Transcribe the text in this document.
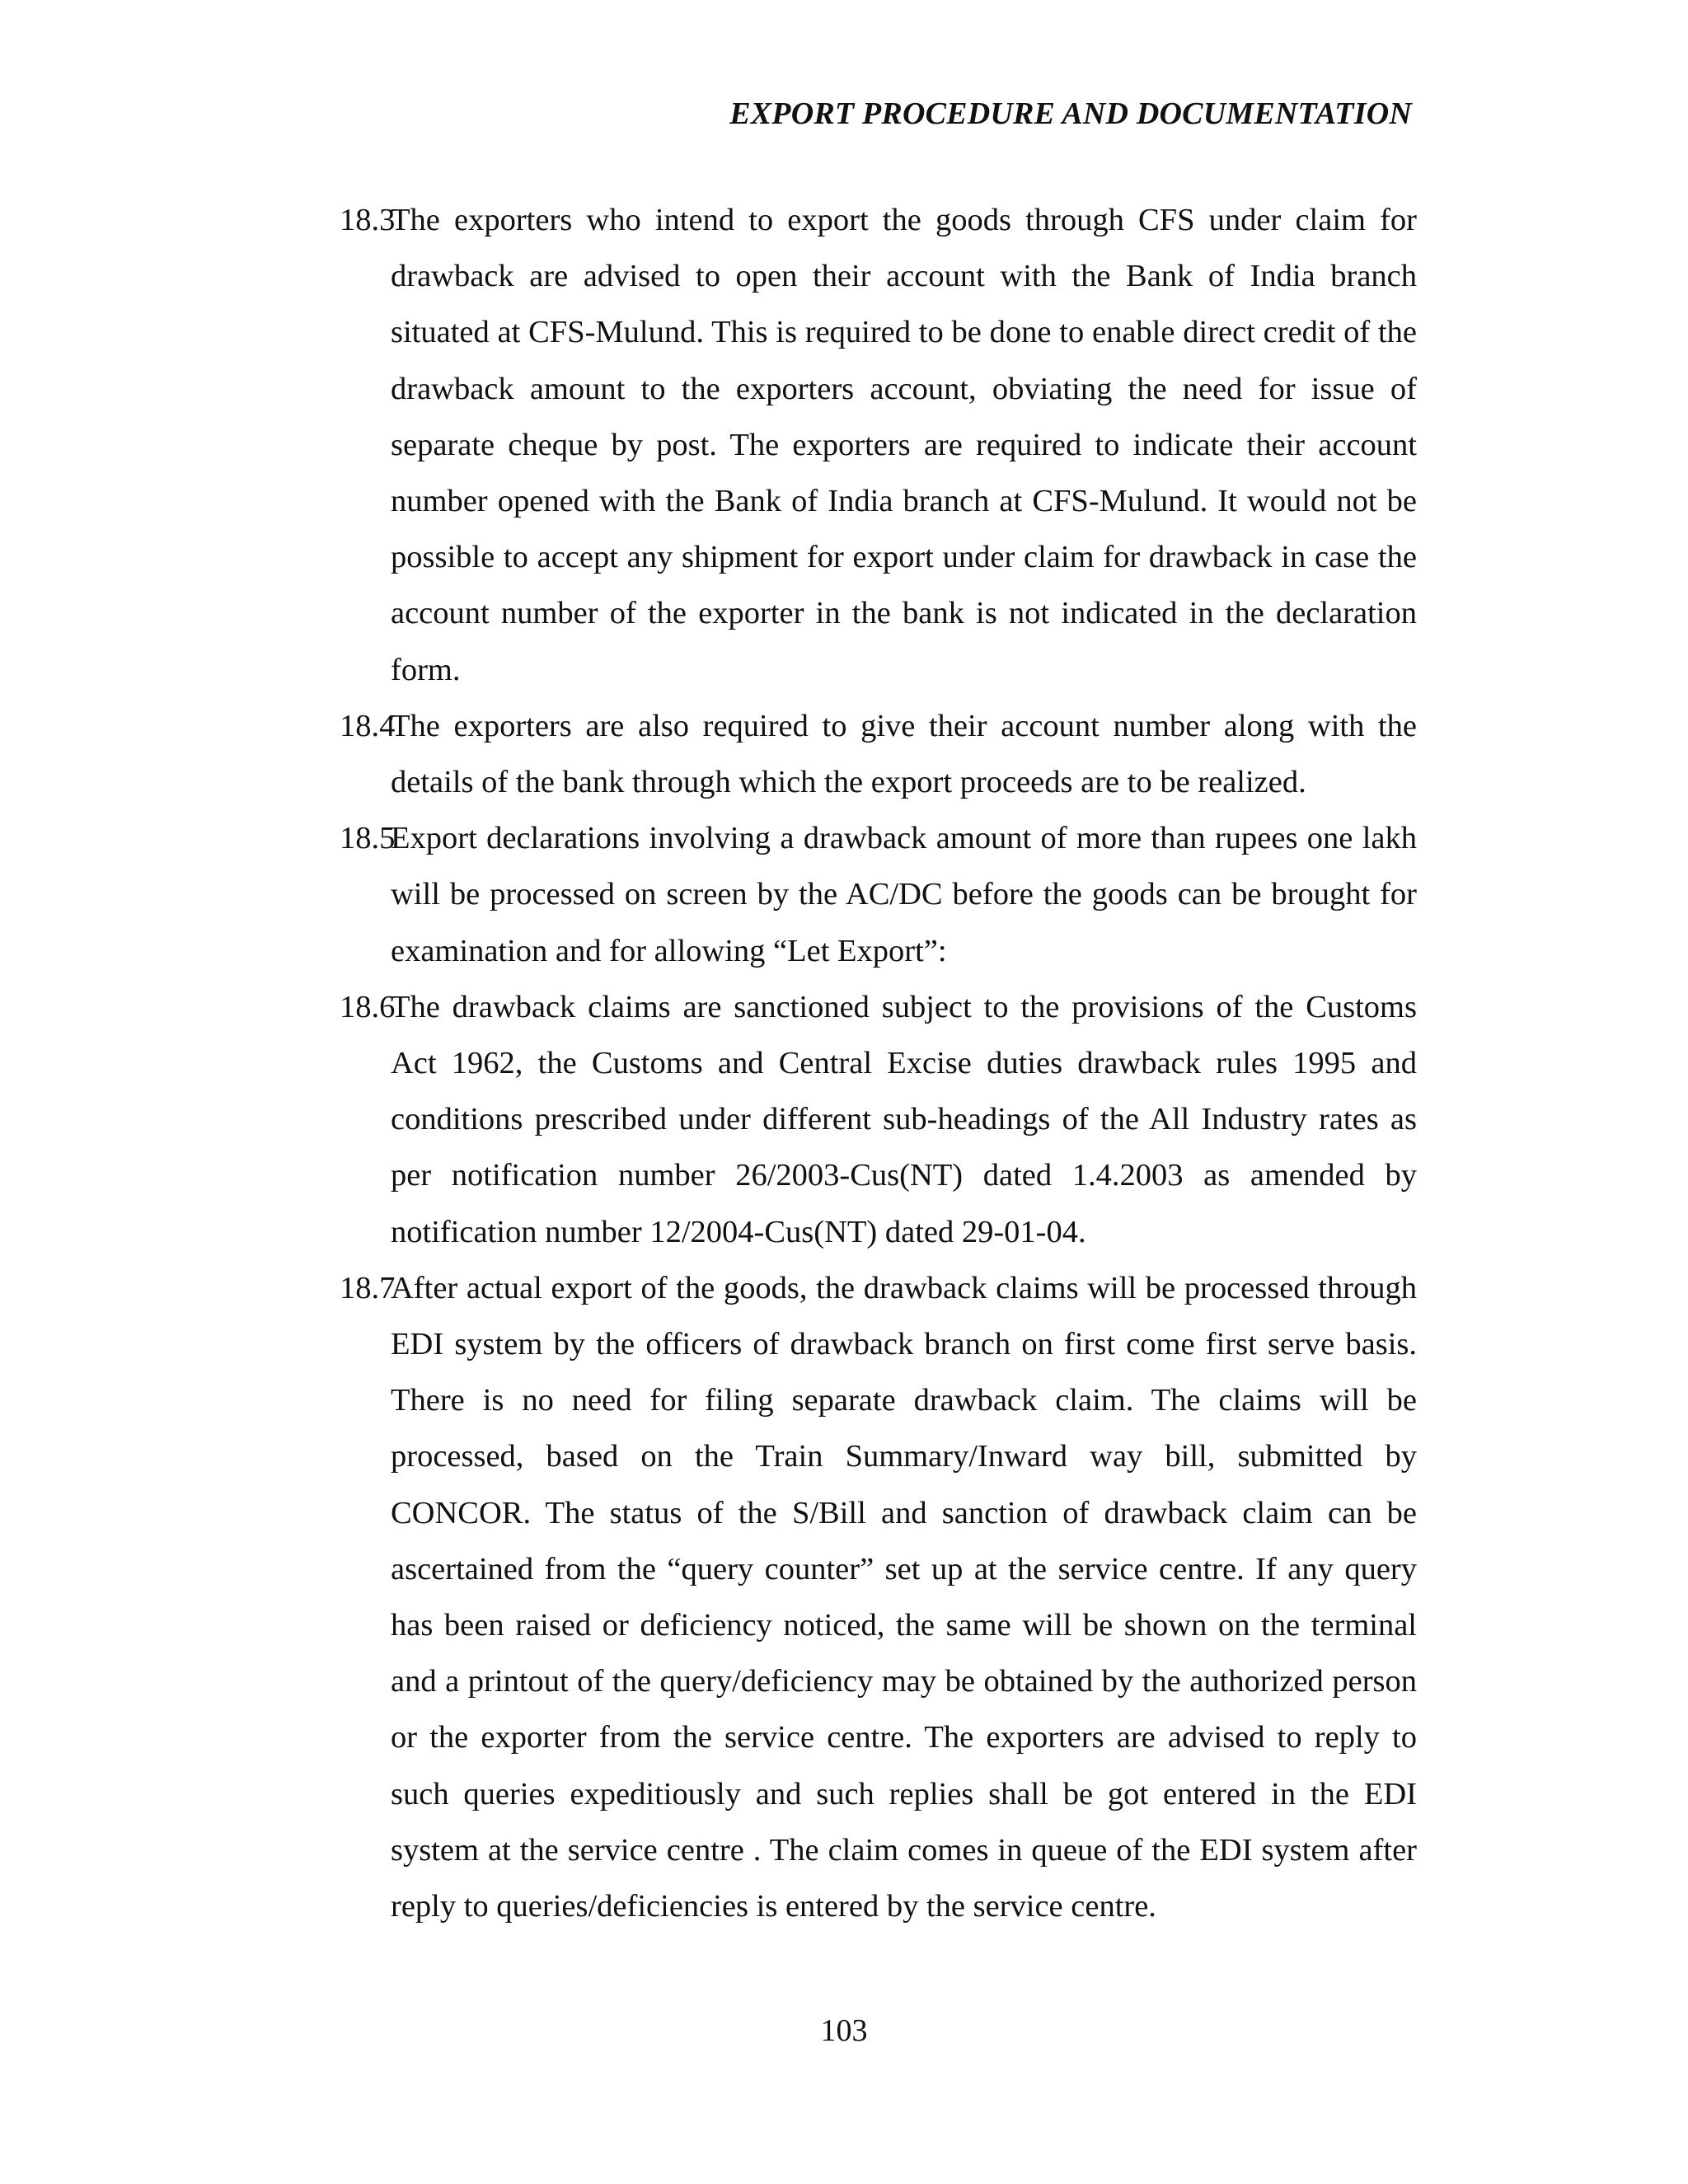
EXPORT PROCEDURE AND DOCUMENTATION
18.3
The exporters who intend to export the goods through CFS under claim for drawback are advised to open their account with the Bank of India branch situated at CFS-Mulund. This is required to be done to enable direct credit of the drawback amount to the exporters account, obviating the need for issue of separate cheque by post. The exporters are required to indicate their account number opened with the Bank of India branch at CFS-Mulund. It would not be possible to accept any shipment for export under claim for drawback in case the account number of the exporter in the bank is not indicated in the declaration form.
18.4
The exporters are also required to give their account number along with the details of the bank through which the export proceeds are to be realized.
18.5
Export declarations involving a drawback amount of more than rupees one lakh will be processed on screen by the AC/DC before the goods can be brought for examination and for allowing “Let Export”:
18.6
The drawback claims are sanctioned subject to the provisions of the Customs Act 1962, the Customs and Central Excise duties drawback rules 1995 and conditions prescribed under different sub-headings of the All Industry rates as per notification number 26/2003-Cus(NT) dated 1.4.2003 as amended by notification number 12/2004-Cus(NT) dated 29-01-04.
18.7
After actual export of the goods, the drawback claims will be processed through EDI system by the officers of drawback branch on first come first serve basis. There is no need for filing separate drawback claim. The claims will be processed, based on the Train Summary/Inward way bill, submitted by CONCOR. The status of the S/Bill and sanction of drawback claim can be ascertained from the “query counter” set up at the service centre. If any query has been raised or deficiency noticed, the same will be shown on the terminal and a printout of the query/deficiency may be obtained by the authorized person or the exporter from the service centre. The exporters are advised to reply to such queries expeditiously and such replies shall be got entered in the EDI system at the service centre . The claim comes in queue of the EDI system after reply to queries/deficiencies is entered by the service centre.
103
